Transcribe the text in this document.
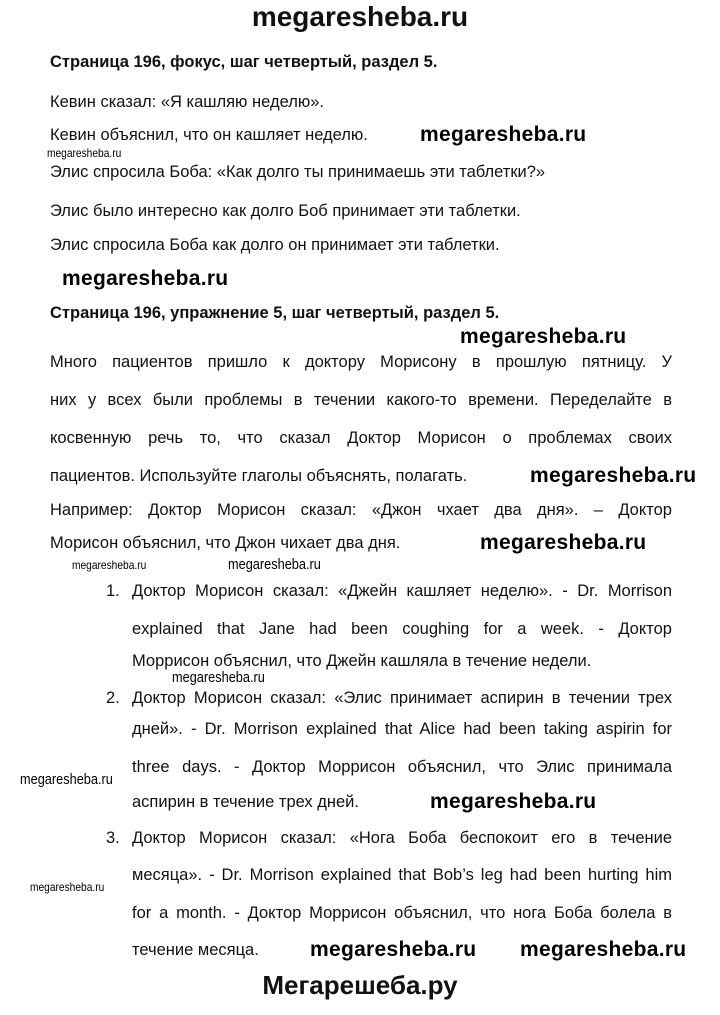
megaresheba.ru
Страница 196, фокус, шаг четвертый, раздел 5.
Кевин сказал: «Я кашляю неделю».
Кевин объяснил, что он кашляет неделю.
Элис спросила Боба: «Как долго ты принимаешь эти таблетки?»
Элис было интересно как долго Боб принимает эти таблетки.
Элис спросила Боба как долго он принимает эти таблетки.
Страница 196, упражнение 5, шаг четвертый, раздел 5.
Много пациентов пришло к доктору Морисону в прошлую пятницу. У
них у всех были проблемы в течении какого-то времени. Переделайте в
косвенную речь то, что сказал Доктор Морисон о проблемах своих
пациентов. Используйте глаголы объяснять, полагать.
Например: Доктор Морисон сказал: «Джон чхает два дня». – Доктор
Морисон объяснил, что Джон чихает два дня.
1. Доктор Морисон сказал: «Джейн кашляет неделю». - Dr. Morrison
explained that Jane had been coughing for a week. - Доктор
Морриcон объяснил, что Джейн кашляла в течение недели.
2. Доктор Морисон сказал: «Элис принимает аспирин в течении трех
дней». - Dr. Morrison explained that Alice had been taking aspirin for
three days. - Доктор Морриcон объяснил, что Элис принимала
аспирин в течение трех дней.
3. Доктор Морисон сказал: «Нога Боба беспокоит его в течение
месяца». - Dr. Morrison explained that Bob’s leg had been hurting him
for a month. - Доктор Морриcон объяснил, что нога Боба болела в
течение месяца.
megaresheba.ru
megaresheba.ru
megaresheba.ru
megaresheba.ru
megaresheba.ru
megaresheba.ru
megaresheba.ru	megaresheba.ru
megaresheba.ru
megaresheba.ru
megaresheba.ru
megaresheba.ru
megaresheba.ru megaresheba.ru
Мегарешеба.ру
